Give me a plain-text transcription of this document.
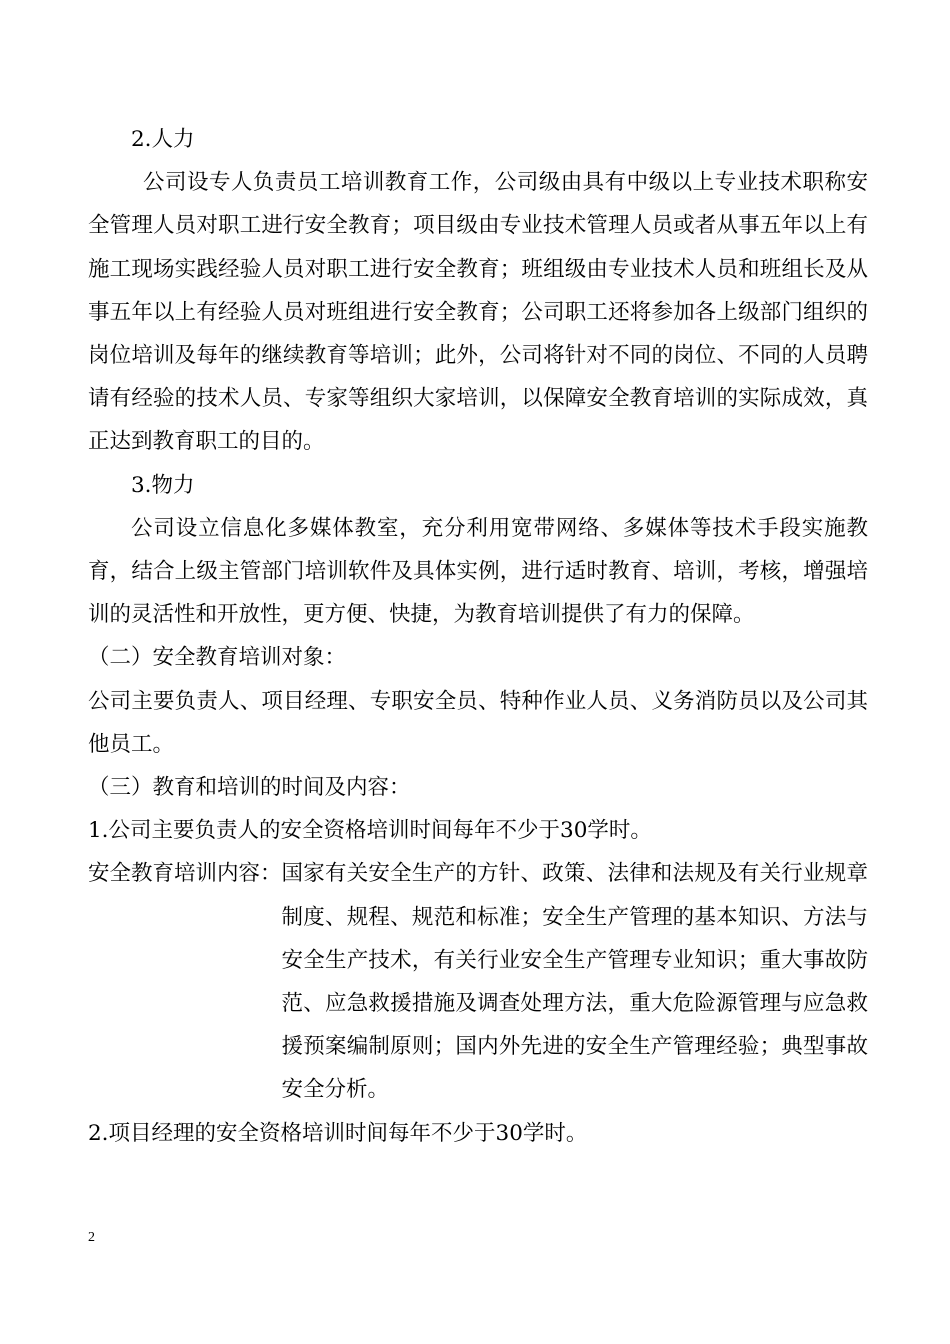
2.人力

公司设专人负责员工培训教育工作，公司级由具有中级以上专业技术职称安全管理人员对职工进行安全教育；项目级由专业技术管理人员或者从事五年以上有施工现场实践经验人员对职工进行安全教育；班组级由专业技术人员和班组长及从事五年以上有经验人员对班组进行安全教育；公司职工还将参加各上级部门组织的岗位培训及每年的继续教育等培训；此外，公司将针对不同的岗位、不同的人员聘请有经验的技术人员、专家等组织大家培训，以保障安全教育培训的实际成效，真正达到教育职工的目的。

3.物力

公司设立信息化多媒体教室，充分利用宽带网络、多媒体等技术手段实施教育，结合上级主管部门培训软件及具体实例，进行适时教育、培训，考核，增强培训的灵活性和开放性，更方便、快捷，为教育培训提供了有力的保障。

（二）安全教育培训对象：

公司主要负责人、项目经理、专职安全员、特种作业人员、义务消防员以及公司其他员工。

（三）教育和培训的时间及内容：

1.公司主要负责人的安全资格培训时间每年不少于30学时。

安全教育培训内容： 国家有关安全生产的方针、政策、法律和法规及有关行业规章制度、规程、规范和标准；安全生产管理的基本知识、方法与安全生产技术，有关行业安全生产管理专业知识；重大事故防范、应急救援措施及调查处理方法，重大危险源管理与应急救援预案编制原则；国内外先进的安全生产管理经验；典型事故安全分析。

2.项目经理的安全资格培训时间每年不少于30学时。

2
